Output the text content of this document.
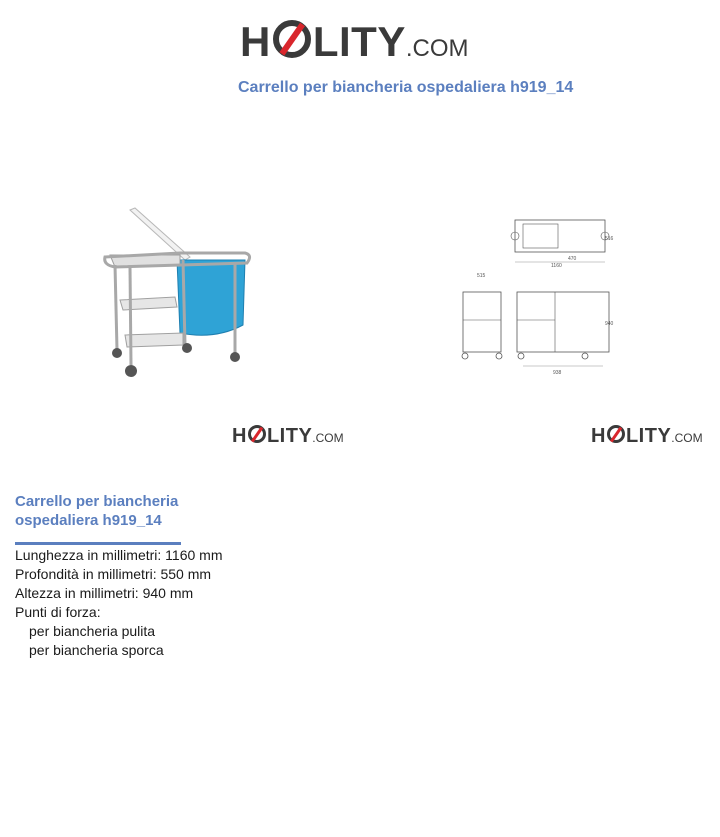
H LITY .COM
Carrello per biancheria ospedaliera h919_14
516
470
1160
515
940
938
H LITY .COM	H LITY .COM
Carrello per biancheria ospedaliera h919_14
Lunghezza in millimetri: 1160 mm
Profondità in millimetri: 550 mm
Altezza in millimetri: 940 mm
Punti di forza:
per biancheria pulita
per biancheria sporca
